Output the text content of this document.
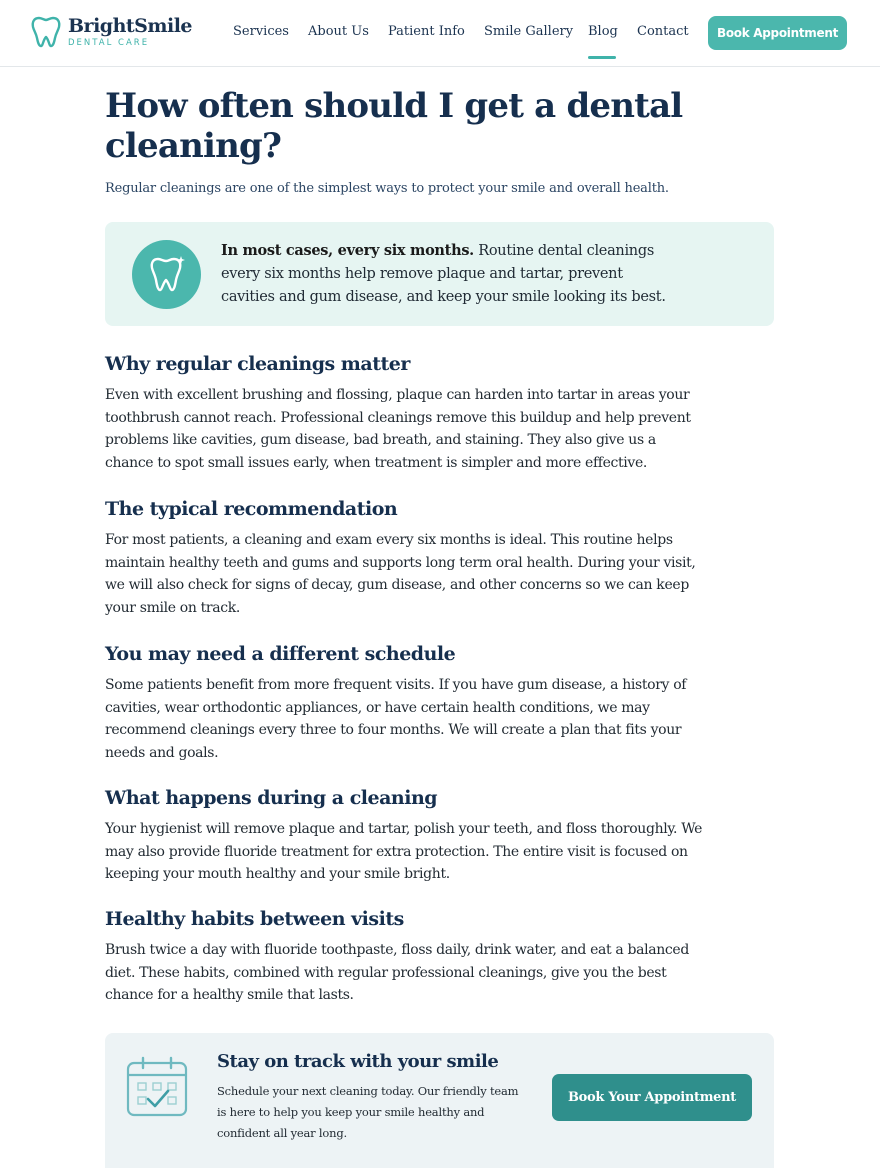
BrightSmile
DENTAL CARE
Services About Us Patient Info Smile Gallery Blog Contact	Book Appointment
How often should I get a dental cleaning?
Regular cleanings are one of the simplest ways to protect your smile and overall health.
In most cases, every six months. Routine dental cleanings every six months help remove plaque and tartar, prevent cavities and gum disease, and keep your smile looking its best.
Why regular cleanings matter

Even with excellent brushing and flossing, plaque can harden into tartar in areas your toothbrush cannot reach. Professional cleanings remove this buildup and help prevent problems like cavities, gum disease, bad breath, and staining. They also give us a chance to spot small issues early, when treatment is simpler and more effective.

The typical recommendation

For most patients, a cleaning and exam every six months is ideal. This routine helps maintain healthy teeth and gums and supports long term oral health. During your visit, we will also check for signs of decay, gum disease, and other concerns so we can keep your smile on track.

You may need a different schedule

Some patients benefit from more frequent visits. If you have gum disease, a history of cavities, wear orthodontic appliances, or have certain health conditions, we may recommend cleanings every three to four months. We will create a plan that fits your needs and goals.

What happens during a cleaning

Your hygienist will remove plaque and tartar, polish your teeth, and floss thoroughly. We may also provide fluoride treatment for extra protection. The entire visit is focused on keeping your mouth healthy and your smile bright.

Healthy habits between visits

Brush twice a day with fluoride toothpaste, floss daily, drink water, and eat a balanced diet. These habits, combined with regular professional cleanings, give you the best chance for a healthy smile that lasts.

Stay on track with your smile
Schedule your next cleaning today. Our friendly team is here to help you keep your smile healthy and confident all year long.
Book Your Appointment
